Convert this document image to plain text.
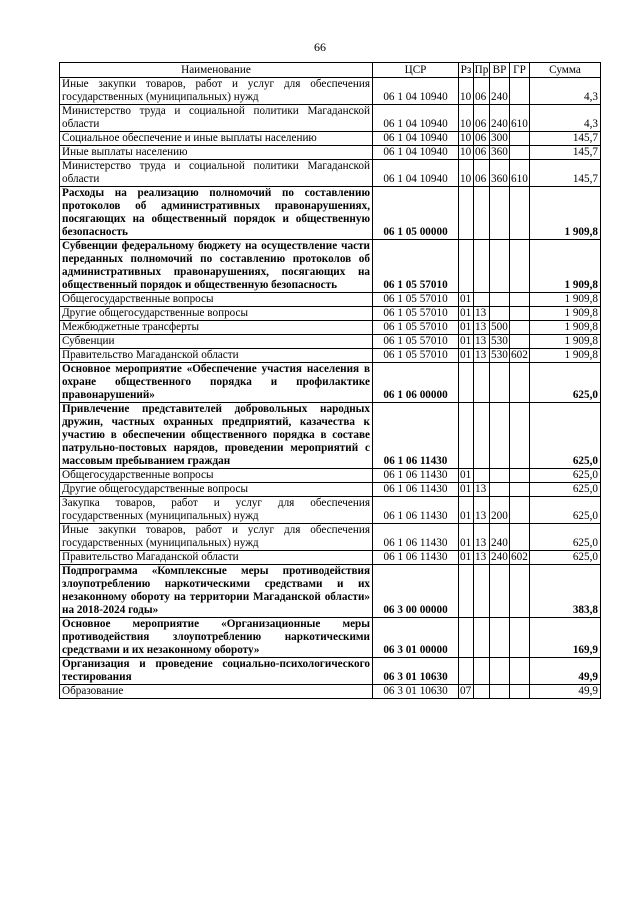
66
Наименование	ЦСР	Рз	Пр	ВР	ГР	Сумма
Иные закупки товаров, работ и услуг для обеспечения государственных (муниципальных) нужд	06 1 04 10940	10	06	240		4,3
Министерство труда и социальной политики Магаданской области	06 1 04 10940	10	06	240	610	4,3
Социальное обеспечение и иные выплаты населению	06 1 04 10940	10	06	300		145,7
Иные выплаты населению	06 1 04 10940	10	06	360		145,7
Министерство труда и социальной политики Магаданской области	06 1 04 10940	10	06	360	610	145,7
Расходы на реализацию полномочий по составлению протоколов об административных правонарушениях, посягающих на общественный порядок и общественную безопасность	06 1 05 00000					1 909,8
Субвенции федеральному бюджету на осуществление части переданных полномочий по составлению протоколов об административных правонарушениях, посягающих на общественный порядок и общественную безопасность	06 1 05 57010					1 909,8
Общегосударственные вопросы	06 1 05 57010	01				1 909,8
Другие общегосударственные вопросы	06 1 05 57010	01	13			1 909,8
Межбюджетные трансферты	06 1 05 57010	01	13	500		1 909,8
Субвенции	06 1 05 57010	01	13	530		1 909,8
Правительство Магаданской области	06 1 05 57010	01	13	530	602	1 909,8
Основное мероприятие «Обеспечение участия населения в охране общественного порядка и профилактике правонарушений»	06 1 06 00000					625,0
Привлечение представителей добровольных народных дружин, частных охранных предприятий, казачества к участию в обеспечении общественного порядка в составе патрульно-постовых нарядов, проведении мероприятий с массовым пребыванием граждан	06 1 06 11430					625,0
Общегосударственные вопросы	06 1 06 11430	01				625,0
Другие общегосударственные вопросы	06 1 06 11430	01	13			625,0
Закупка товаров, работ и услуг для обеспечения государственных (муниципальных) нужд	06 1 06 11430	01	13	200		625,0
Иные закупки товаров, работ и услуг для обеспечения государственных (муниципальных) нужд	06 1 06 11430	01	13	240		625,0
Правительство Магаданской области	06 1 06 11430	01	13	240	602	625,0
Подпрограмма «Комплексные меры противодействия злоупотреблению наркотическими средствами и их незаконному обороту на территории Магаданской области» на 2018-2024 годы»	06 3 00 00000					383,8
Основное мероприятие «Организационные меры противодействия злоупотреблению наркотическими средствами и их незаконному обороту»	06 3 01 00000					169,9
Организация и проведение социально-психологического тестирования	06 3 01 10630					49,9
Образование	06 3 01 10630	07				49,9
